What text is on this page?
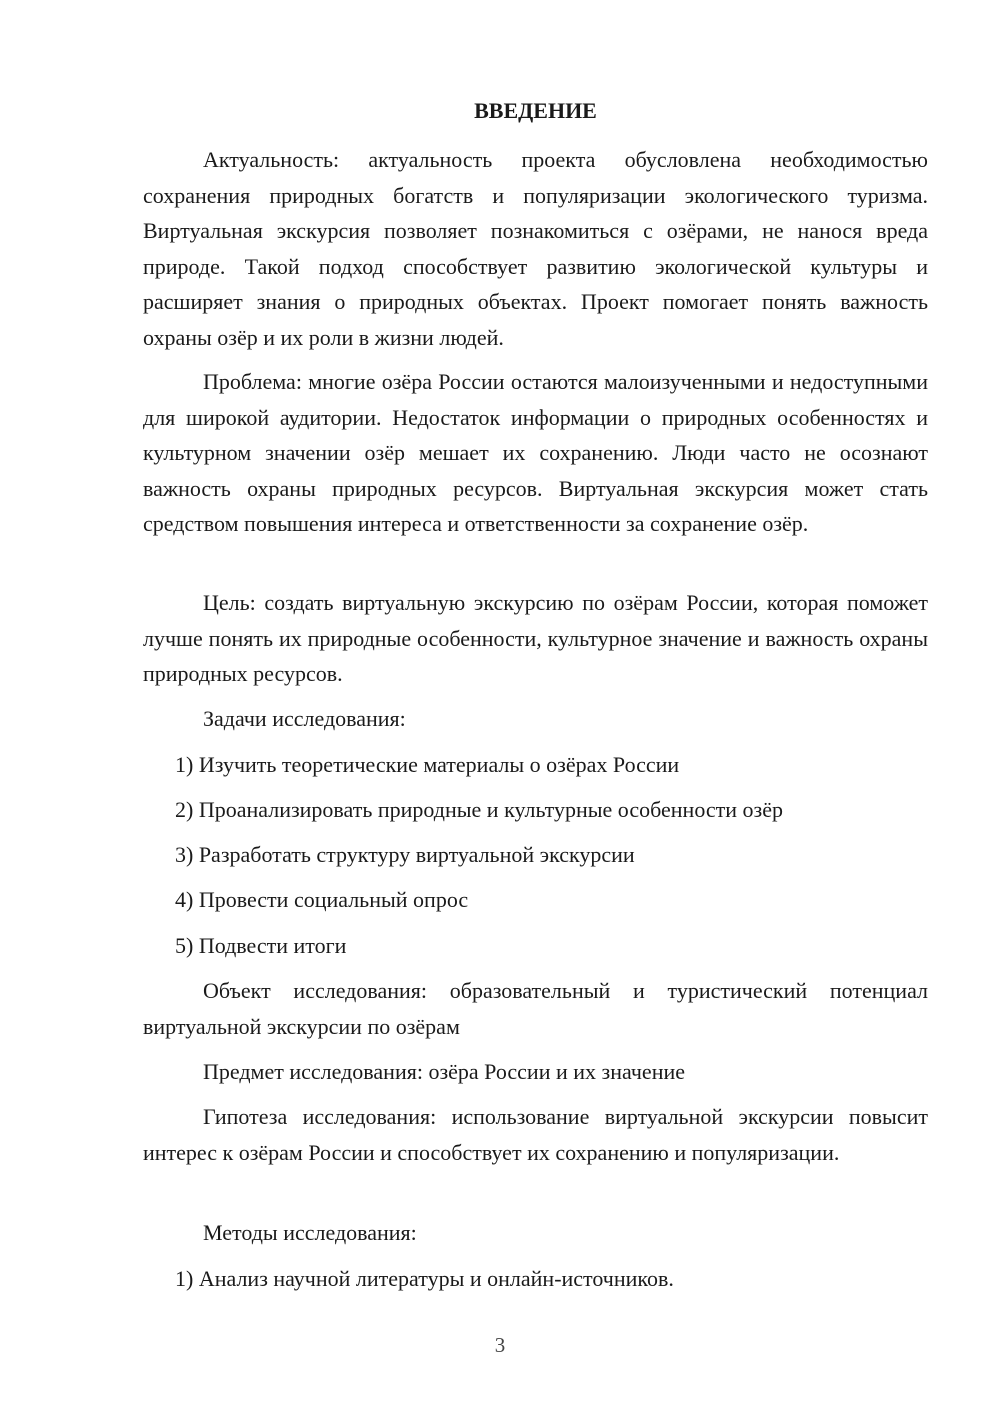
ВВЕДЕНИЕ
Актуальность: актуальность проекта обусловлена необходимостью сохранения природных богатств и популяризации экологического туризма. Виртуальная экскурсия позволяет познакомиться с озёрами, не нанося вреда природе. Такой подход способствует развитию экологической культуры и расширяет знания о природных объектах. Проект помогает понять важность охраны озёр и их роли в жизни людей.
Проблема: многие озёра России остаются малоизученными и недоступными для широкой аудитории. Недостаток информации о природных особенностях и культурном значении озёр мешает их сохранению. Люди часто не осознают важность охраны природных ресурсов. Виртуальная экскурсия может стать средством повышения интереса и ответственности за сохранение озёр.
Цель: создать виртуальную экскурсию по озёрам России, которая поможет лучше понять их природные особенности, культурное значение и важность охраны природных ресурсов.
Задачи исследования:
1) Изучить теоретические материалы о озёрах России
2) Проанализировать природные и культурные особенности озёр
3) Разработать структуру виртуальной экскурсии
4) Провести социальный опрос
5) Подвести итоги
Объект исследования: образовательный и туристический потенциал виртуальной экскурсии по озёрам
Предмет исследования: озёра России и их значение
Гипотеза исследования: использование виртуальной экскурсии повысит интерес к озёрам России и способствует их сохранению и популяризации.
Методы исследования:
1) Анализ научной литературы и онлайн-источников.
3
